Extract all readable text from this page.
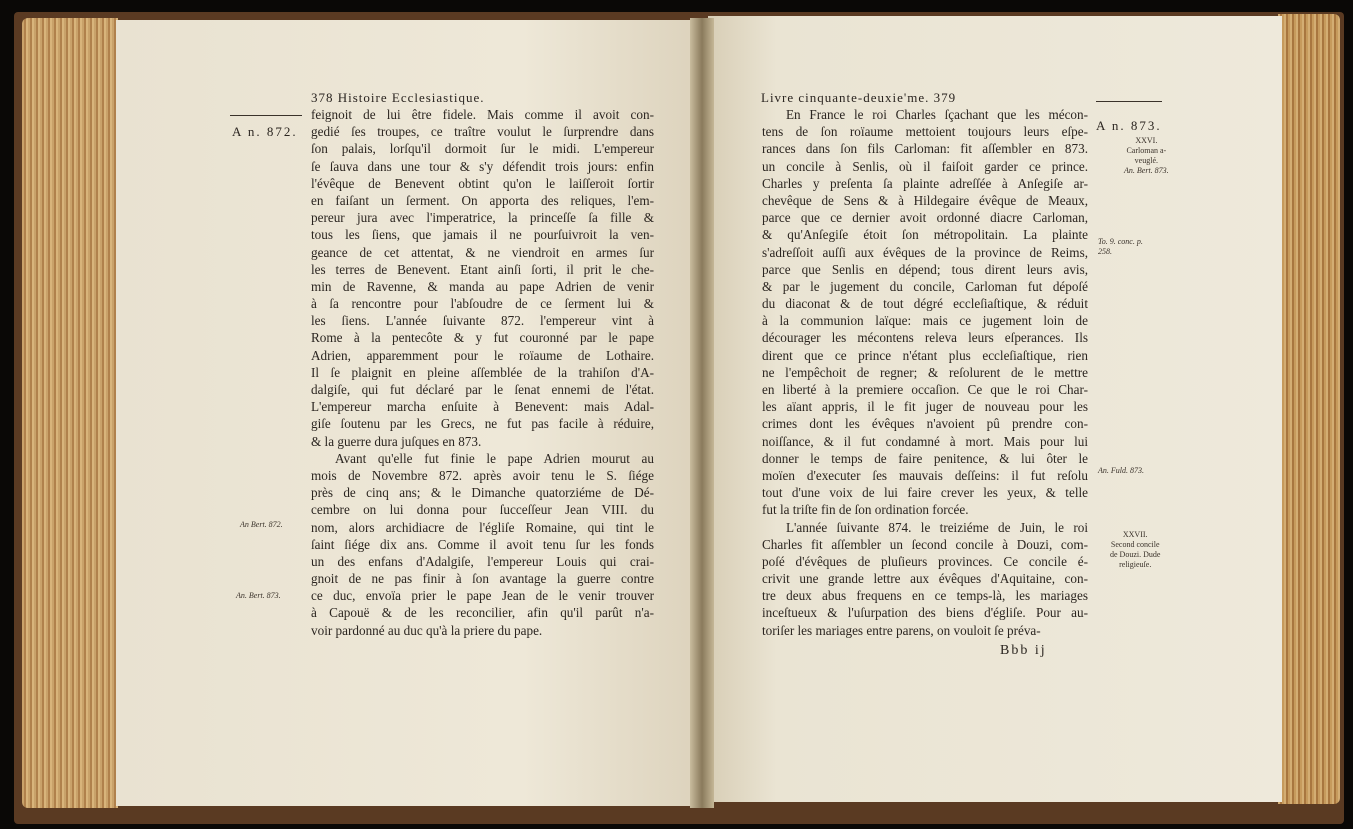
378 Histoire Ecclesiastique.
A n. 872.
An Bert. 872.
An. Bert. 873.
feignoit de lui être fidele. Mais comme il avoit con-
gedié ſes troupes, ce traître voulut le ſurprendre dans
ſon palais, lorſqu'il dormoit ſur le midi. L'empereur
ſe ſauva dans une tour & s'y défendit trois jours: enfin
l'évêque de Benevent obtint qu'on le laiſſeroit ſortir
en faiſant un ſerment. On apporta des reliques, l'em-
pereur jura avec l'imperatrice, la princeſſe ſa fille &
tous les ſiens, que jamais il ne pourſuivroit la ven-
geance de cet attentat, & ne viendroit en armes ſur
les terres de Benevent. Etant ainſi ſorti, il prit le che-
min de Ravenne, & manda au pape Adrien de venir
à ſa rencontre pour l'abſoudre de ce ſerment lui &
les ſiens. L'année ſuivante 872. l'empereur vint à
Rome à la pentecôte & y fut couronné par le pape
Adrien, apparemment pour le roïaume de Lothaire.
Il ſe plaignit en pleine aſſemblée de la trahiſon d'A-
dalgiſe, qui fut déclaré par le ſenat ennemi de l'état.
L'empereur marcha enſuite à Benevent: mais Adal-
giſe ſoutenu par les Grecs, ne fut pas facile à réduire,
& la guerre dura juſques en 873.
Avant qu'elle fut finie le pape Adrien mourut au
mois de Novembre 872. après avoir tenu le S. ſiége
près de cinq ans; & le Dimanche quatorziéme de Dé-
cembre on lui donna pour ſucceſſeur Jean VIII. du
nom, alors archidiacre de l'égliſe Romaine, qui tint le
ſaint ſiége dix ans. Comme il avoit tenu ſur les fonds
un des enfans d'Adalgiſe, l'empereur Louis qui crai-
gnoit de ne pas finir à ſon avantage la guerre contre
ce duc, envoïa prier le pape Jean de le venir trouver
à Capouë & de les reconcilier, afin qu'il parût n'a-
voir pardonné au duc qu'à la priere du pape.
Livre cinquante-deuxie'me. 379
A n. 873.
XXVI.
Carloman a-
veuglé.
An. Bert. 873.
To. 9. conc. p.
258.
An. Fuld. 873.
XXVII.
Second concile
de Douzi. Dude
religieuſe.
En France le roi Charles ſçachant que les mécon-
tens de ſon roïaume mettoient toujours leurs eſpe-
rances dans ſon fils Carloman: fit aſſembler en 873.
un concile à Senlis, où il faiſoit garder ce prince.
Charles y preſenta ſa plainte adreſſée à Anſegiſe ar-
chevêque de Sens & à Hildegaire évêque de Meaux,
parce que ce dernier avoit ordonné diacre Carloman,
& qu'Anſegiſe étoit ſon métropolitain. La plainte
s'adreſſoit auſſi aux évêques de la province de Reims,
parce que Senlis en dépend; tous dirent leurs avis,
& par le jugement du concile, Carloman fut dépoſé
du diaconat & de tout dégré eccleſiaſtique, & réduit
à la communion laïque: mais ce jugement loin de
décourager les mécontens releva leurs eſperances. Ils
dirent que ce prince n'étant plus eccleſiaſtique, rien
ne l'empêchoit de regner; & reſolurent de le mettre
en liberté à la premiere occaſion. Ce que le roi Char-
les aïant appris, il le fit juger de nouveau pour les
crimes dont les évêques n'avoient pû prendre con-
noiſſance, & il fut condamné à mort. Mais pour lui
donner le temps de faire penitence, & lui ôter le
moïen d'executer ſes mauvais deſſeins: il fut reſolu
tout d'une voix de lui faire crever les yeux, & telle
fut la triſte fin de ſon ordination forcée.
L'année ſuivante 874. le treiziéme de Juin, le roi
Charles fit aſſembler un ſecond concile à Douzi, com-
poſé d'évêques de pluſieurs provinces. Ce concile é-
crivit une grande lettre aux évêques d'Aquitaine, con-
tre deux abus frequens en ce temps-là, les mariages
inceſtueux & l'uſurpation des biens d'égliſe. Pour au-
toriſer les mariages entre parens, on vouloit ſe préva-
Bbb ij
